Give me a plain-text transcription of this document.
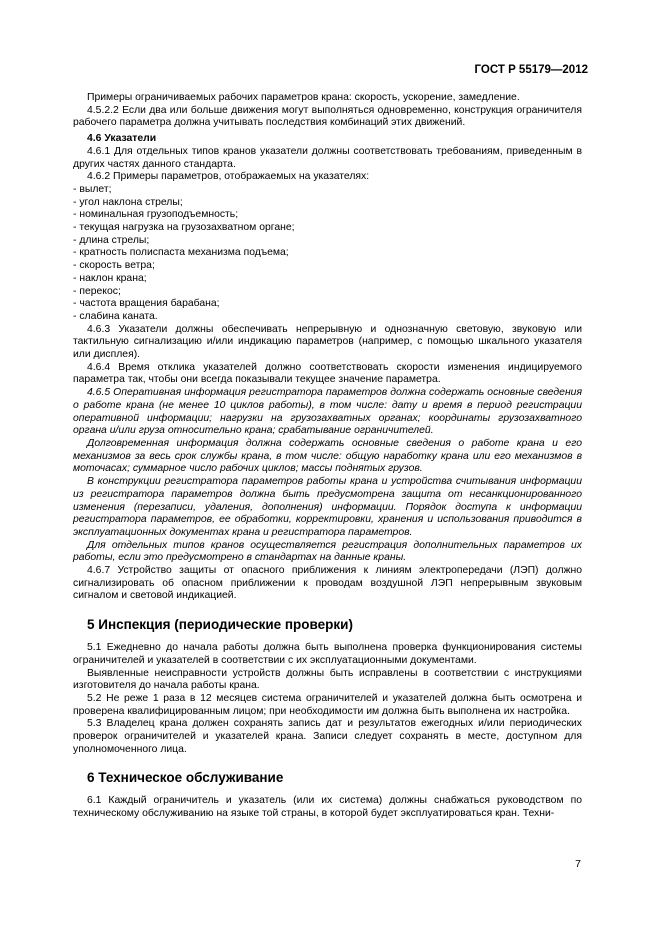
ГОСТ Р 55179—2012
Примеры ограничиваемых рабочих параметров крана: скорость, ускорение, замедление.
4.5.2.2 Если два или больше движения могут выполняться одновременно, конструкция ограничителя рабочего параметра должна учитывать последствия комбинаций этих движений.
4.6 Указатели
4.6.1 Для отдельных типов кранов указатели должны соответствовать требованиям, приведенным в других частях данного стандарта.
4.6.2 Примеры параметров, отображаемых на указателях:
- вылет;
- угол наклона стрелы;
- номинальная грузоподъемность;
- текущая нагрузка на грузозахватном органе;
- длина стрелы;
- кратность полиспаста механизма подъема;
- скорость ветра;
- наклон крана;
- перекос;
- частота вращения барабана;
- слабина каната.
4.6.3 Указатели должны обеспечивать непрерывную и однозначную световую, звуковую или тактильную сигнализацию и/или индикацию параметров (например, с помощью шкального указателя или дисплея).
4.6.4 Время отклика указателей должно соответствовать скорости изменения индицируемого параметра так, чтобы они всегда показывали текущее значение параметра.
4.6.5 Оперативная информация регистратора параметров должна содержать основные сведения о работе крана (не менее 10 циклов работы), в том числе: дату и время в период регистрации оперативной информации; нагрузки на грузозахватных органах; координаты грузозахватного органа и/или груза относительно крана; срабатывание ограничителей.
Долговременная информация должна содержать основные сведения о работе крана и его механизмов за весь срок службы крана, в том числе: общую наработку крана или его механизмов в моточасах; суммарное число рабочих циклов; массы поднятых грузов.
В конструкции регистратора параметров работы крана и устройства считывания информации из регистратора параметров должна быть предусмотрена защита от несанкционированного изменения (перезаписи, удаления, дополнения) информации. Порядок доступа к информации регистратора параметров, ее обработки, корректировки, хранения и использования приводится в эксплуатационных документах крана и регистратора параметров.
Для отдельных типов кранов осуществляется регистрация дополнительных параметров их работы, если это предусмотрено в стандартах на данные краны.
4.6.7 Устройство защиты от опасного приближения к линиям электропередачи (ЛЭП) должно сигнализировать об опасном приближении к проводам воздушной ЛЭП непрерывным звуковым сигналом и световой индикацией.
5 Инспекция (периодические проверки)
5.1 Ежедневно до начала работы должна быть выполнена проверка функционирования системы ограничителей и указателей в соответствии с их эксплуатационными документами.
Выявленные неисправности устройств должны быть исправлены в соответствии с инструкциями изготовителя до начала работы крана.
5.2 Не реже 1 раза в 12 месяцев система ограничителей и указателей должна быть осмотрена и проверена квалифицированным лицом; при необходимости им должна быть выполнена их настройка.
5.3 Владелец крана должен сохранять запись дат и результатов ежегодных и/или периодических проверок ограничителей и указателей крана. Записи следует сохранять в месте, доступном для уполномоченного лица.
6 Техническое обслуживание
6.1 Каждый ограничитель и указатель (или их система) должны снабжаться руководством по техническому обслуживанию на языке той страны, в которой будет эксплуатироваться кран. Техни-
7
